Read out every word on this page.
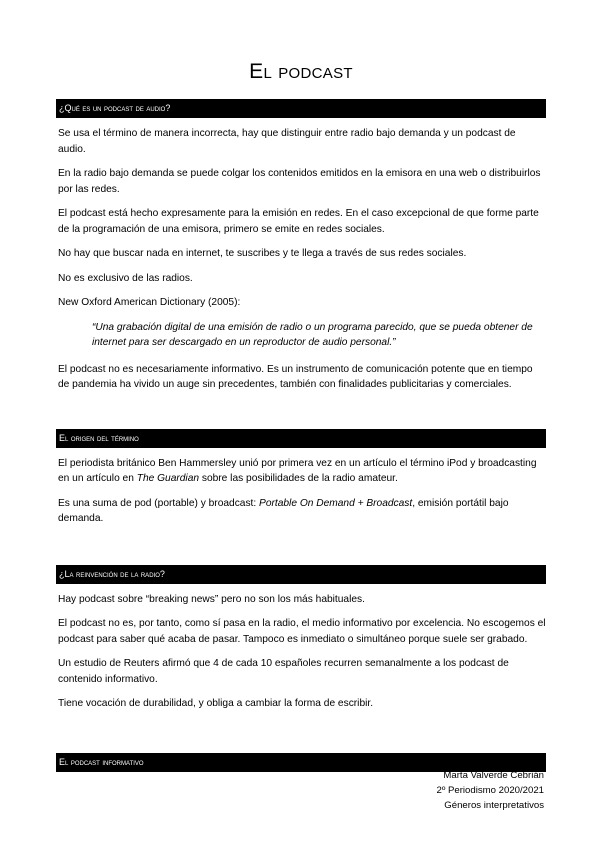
El podcast
¿Qué es un podcast de audio?

Se usa el término de manera incorrecta, hay que distinguir entre radio bajo demanda y un podcast de audio.

En la radio bajo demanda se puede colgar los contenidos emitidos en la emisora en una web o distribuirlos por las redes.

El podcast está hecho expresamente para la emisión en redes. En el caso excepcional de que forme parte de la programación de una emisora, primero se emite en redes sociales.

No hay que buscar nada en internet, te suscribes y te llega a través de sus redes sociales.

No es exclusivo de las radios.

New Oxford American Dictionary (2005):

“Una grabación digital de una emisión de radio o un programa parecido, que se pueda obtener de internet para ser descargado en un reproductor de audio personal.”

El podcast no es necesariamente informativo. Es un instrumento de comunicación potente que en tiempo de pandemia ha vivido un auge sin precedentes, también con finalidades publicitarias y comerciales.

El origen del término

El periodista británico Ben Hammersley unió por primera vez en un artículo el término iPod y broadcasting en un artículo en The Guardian sobre las posibilidades de la radio amateur.

Es una suma de pod (portable) y broadcast: Portable On Demand + Broadcast, emisión portátil bajo demanda.

¿La reinvención de la radio?

Hay podcast sobre “breaking news” pero no son los más habituales.

El podcast no es, por tanto, como sí pasa en la radio, el medio informativo por excelencia. No escogemos el podcast para saber qué acaba de pasar. Tampoco es inmediato o simultáneo porque suele ser grabado.

Un estudio de Reuters afirmó que 4 de cada 10 españoles recurren semanalmente a los podcast de contenido informativo.

Tiene vocación de durabilidad, y obliga a cambiar la forma de escribir.

El podcast informativo
Marta Valverde Cebrián
2º Periodismo 2020/2021
Géneros interpretativos
